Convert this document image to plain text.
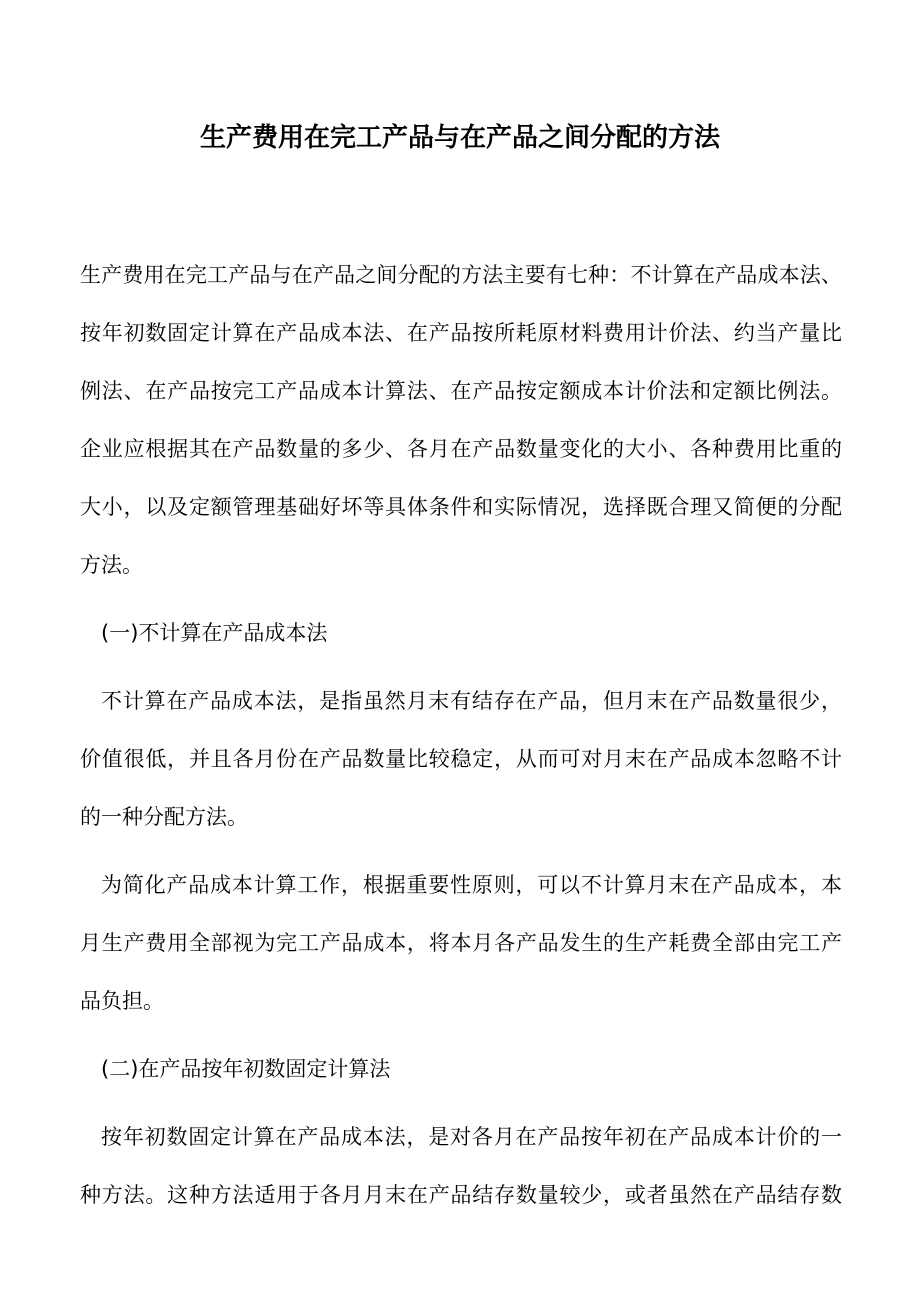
生产费用在完工产品与在产品之间分配的方法
生产费用在完工产品与在产品之间分配的方法主要有七种：不计算在产品成本法、
按年初数固定计算在产品成本法、在产品按所耗原材料费用计价法、约当产量比
例法、在产品按完工产品成本计算法、在产品按定额成本计价法和定额比例法。
企业应根据其在产品数量的多少、各月在产品数量变化的大小、各种费用比重的
大小，以及定额管理基础好坏等具体条件和实际情况，选择既合理又简便的分配
方法。
(一)不计算在产品成本法
不计算在产品成本法，是指虽然月末有结存在产品，但月末在产品数量很少，
价值很低，并且各月份在产品数量比较稳定，从而可对月末在产品成本忽略不计
的一种分配方法。
为简化产品成本计算工作，根据重要性原则，可以不计算月末在产品成本，本
月生产费用全部视为完工产品成本，将本月各产品发生的生产耗费全部由完工产
品负担。
(二)在产品按年初数固定计算法
按年初数固定计算在产品成本法，是对各月在产品按年初在产品成本计价的一
种方法。这种方法适用于各月月末在产品结存数量较少，或者虽然在产品结存数
